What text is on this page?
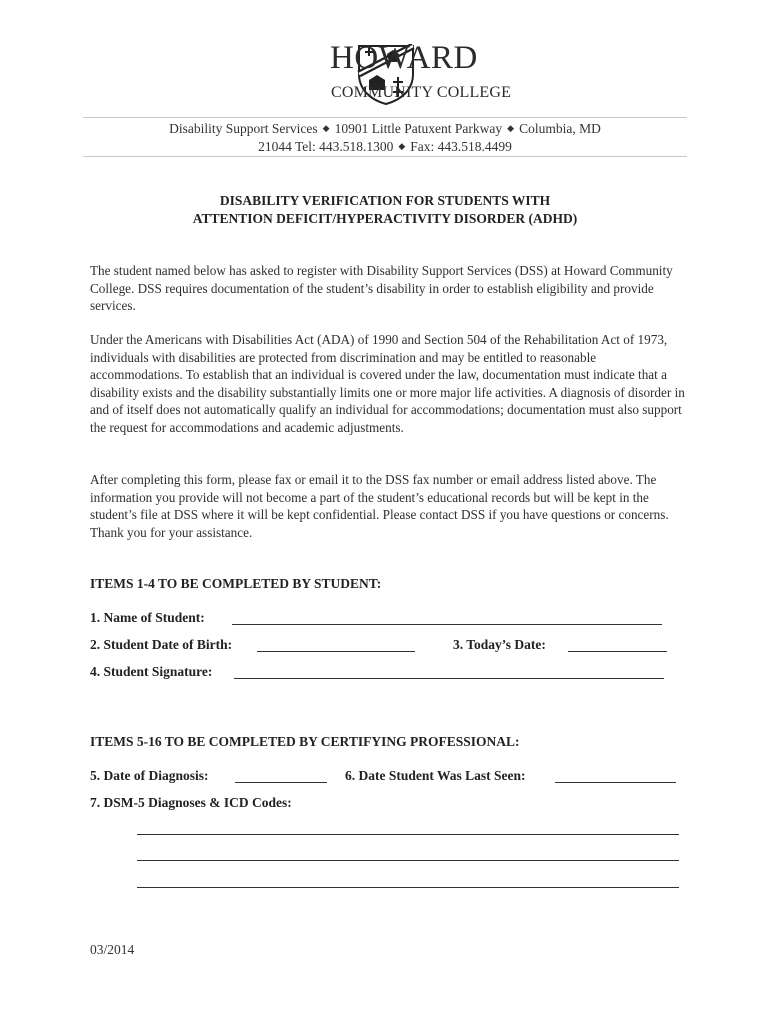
HOWARD
COMMUNITY COLLEGE
Disability Support Services ◆ 10901 Little Patuxent Parkway ◆ Columbia, MD
21044 Tel: 443.518.1300 ◆ Fax: 443.518.4499
DISABILITY VERIFICATION FOR STUDENTS WITH
ATTENTION DEFICIT/HYPERACTIVITY DISORDER (ADHD)
The student named below has asked to register with Disability Support Services (DSS) at Howard Community College. DSS requires documentation of the student’s disability in order to establish eligibility and provide services.
Under the Americans with Disabilities Act (ADA) of 1990 and Section 504 of the Rehabilitation Act of 1973, individuals with disabilities are protected from discrimination and may be entitled to reasonable accommodations. To establish that an individual is covered under the law, documentation must indicate that a disability exists and the disability substantially limits one or more major life activities. A diagnosis of disorder in and of itself does not automatically qualify an individual for accommodations; documentation must also support the request for accommodations and academic adjustments.
After completing this form, please fax or email it to the DSS fax number or email address listed above. The information you provide will not become a part of the student’s educational records but will be kept in the student’s file at DSS where it will be kept confidential. Please contact DSS if you have questions or concerns. Thank you for your assistance.
ITEMS 1-4 TO BE COMPLETED BY STUDENT:
1. Name of Student:
2. Student Date of Birth:	3. Today’s Date:
4. Student Signature:
ITEMS 5-16 TO BE COMPLETED BY CERTIFYING PROFESSIONAL:
5. Date of Diagnosis:	6. Date Student Was Last Seen:
7. DSM-5 Diagnoses & ICD Codes:
03/2014
